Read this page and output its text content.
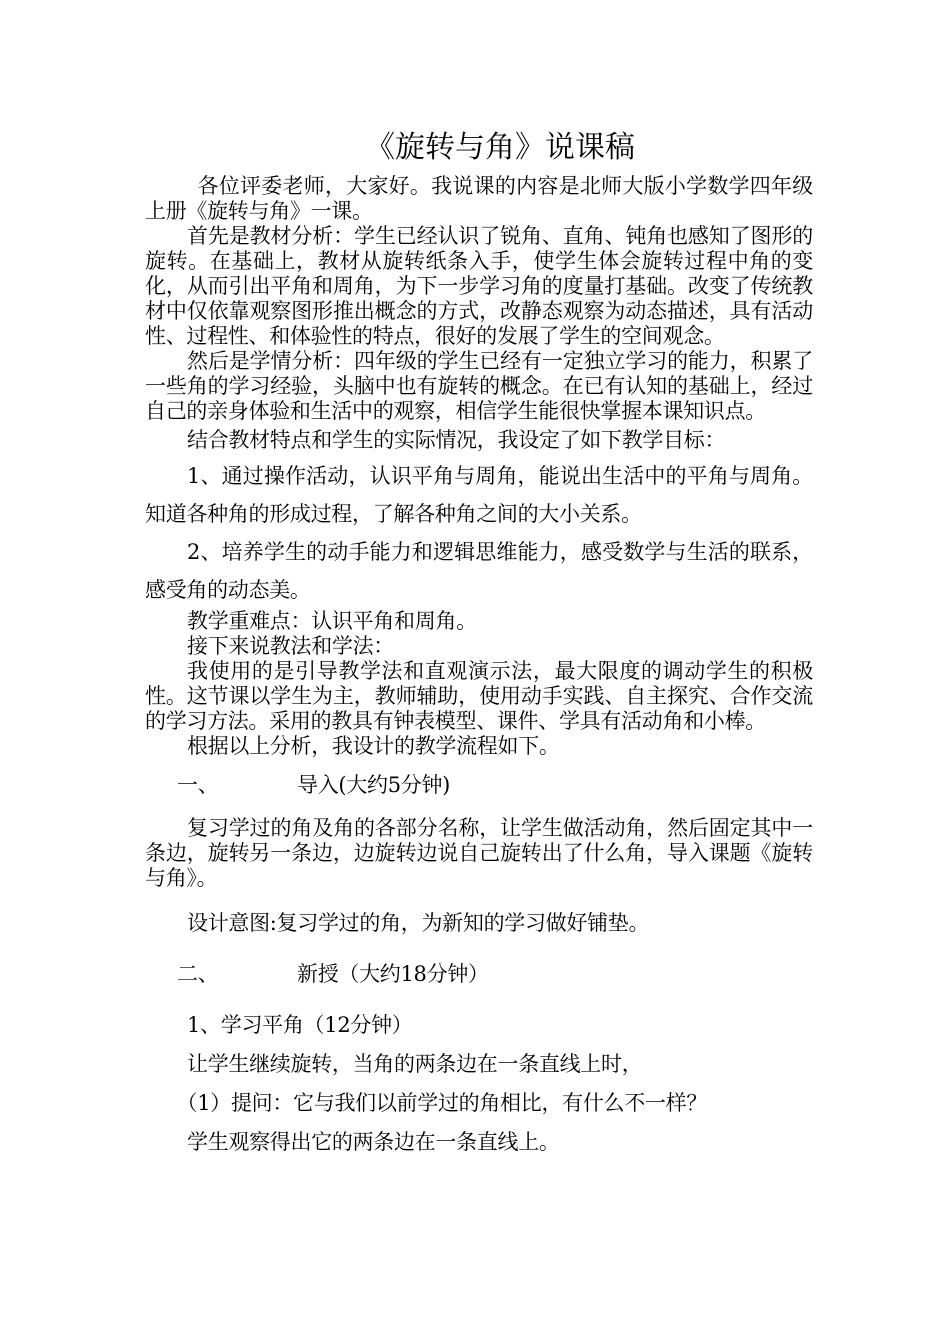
《旋转与角》说课稿

各位评委老师，大家好。我说课的内容是北师大版小学数学四年级上册《旋转与角》一课。

首先是教材分析：学生已经认识了锐角、直角、钝角也感知了图形的旋转。在基础上，教材从旋转纸条入手，使学生体会旋转过程中角的变化，从而引出平角和周角，为下一步学习角的度量打基础。改变了传统教材中仅依靠观察图形推出概念的方式，改静态观察为动态描述，具有活动性、过程性、和体验性的特点，很好的发展了学生的空间观念。

然后是学情分析：四年级的学生已经有一定独立学习的能力，积累了一些角的学习经验，头脑中也有旋转的概念。在已有认知的基础上，经过自己的亲身体验和生活中的观察，相信学生能很快掌握本课知识点。

结合教材特点和学生的实际情况，我设定了如下教学目标：

1、通过操作活动，认识平角与周角，能说出生活中的平角与周角。知道各种角的形成过程，了解各种角之间的大小关系。

2、培养学生的动手能力和逻辑思维能力，感受数学与生活的联系，感受角的动态美。

教学重难点：认识平角和周角。

接下来说教法和学法：

我使用的是引导教学法和直观演示法，最大限度的调动学生的积极性。这节课以学生为主，教师辅助，使用动手实践、自主探究、合作交流的学习方法。采用的教具有钟表模型、课件、学具有活动角和小棒。

根据以上分析，我设计的教学流程如下。

一、	导入(大约5分钟)

复习学过的角及角的各部分名称，让学生做活动角，然后固定其中一条边，旋转另一条边，边旋转边说自己旋转出了什么角，导入课题《旋转与角》。

设计意图:复习学过的角，为新知的学习做好铺垫。

二、	新授（大约18分钟）

1、学习平角（12分钟）

让学生继续旋转，当角的两条边在一条直线上时，

（1）提问：它与我们以前学过的角相比，有什么不一样？

学生观察得出它的两条边在一条直线上。
